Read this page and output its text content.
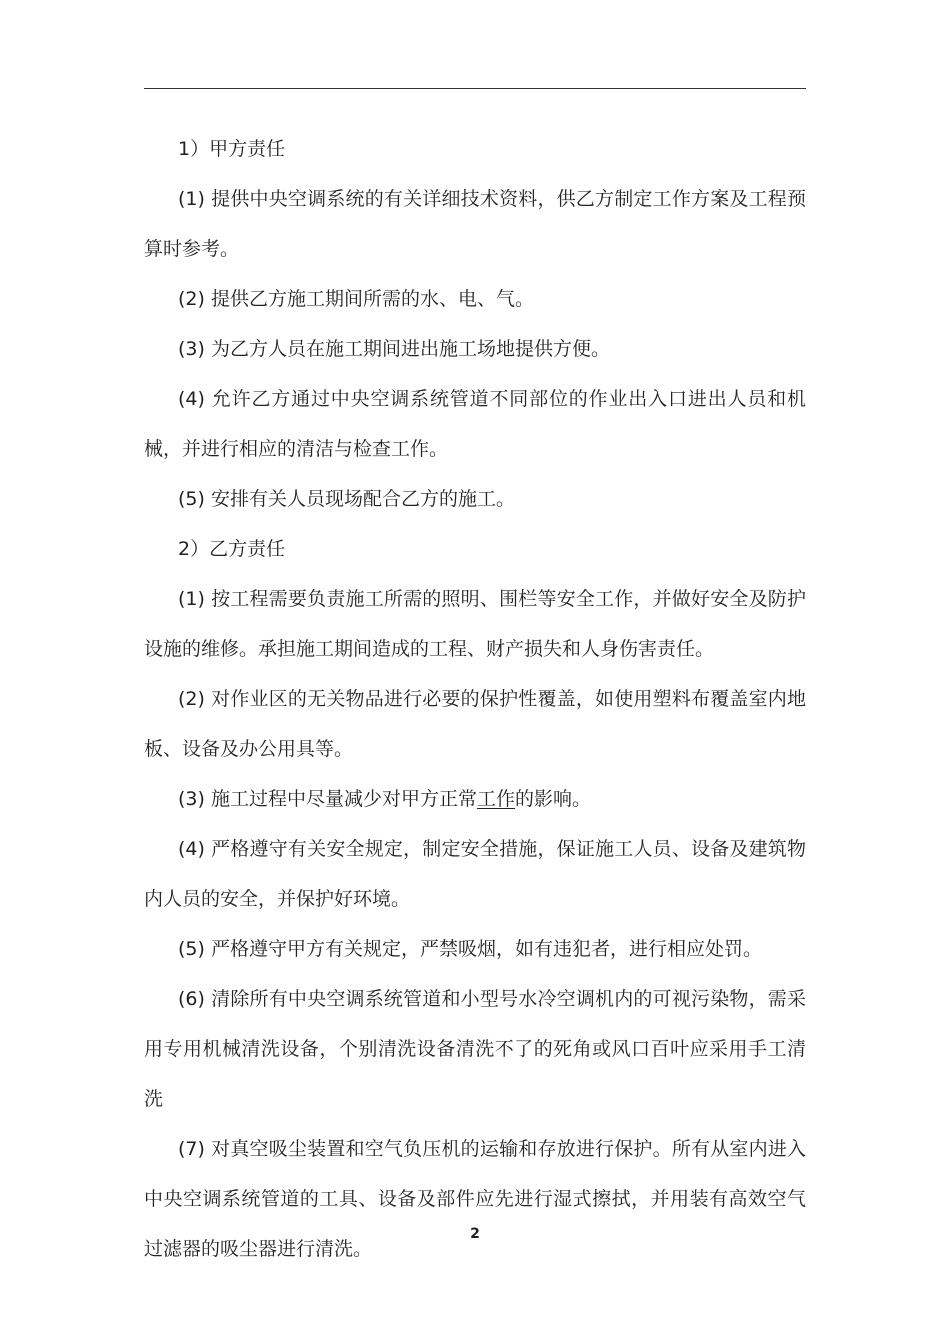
1）甲方责任

(1) 提供中央空调系统的有关详细技术资料，供乙方制定工作方案及工程预算时参考。

(2) 提供乙方施工期间所需的水、电、气。

(3) 为乙方人员在施工期间进出施工场地提供方便。

(4) 允许乙方通过中央空调系统管道不同部位的作业出入口进出人员和机械，并进行相应的清洁与检查工作。

(5) 安排有关人员现场配合乙方的施工。

2）乙方责任

(1) 按工程需要负责施工所需的照明、围栏等安全工作，并做好安全及防护设施的维修。承担施工期间造成的工程、财产损失和人身伤害责任。

(2) 对作业区的无关物品进行必要的保护性覆盖，如使用塑料布覆盖室内地板、设备及办公用具等。

(3) 施工过程中尽量减少对甲方正常工作的影响。

(4) 严格遵守有关安全规定，制定安全措施，保证施工人员、设备及建筑物内人员的安全，并保护好环境。

(5) 严格遵守甲方有关规定，严禁吸烟，如有违犯者，进行相应处罚。

(6) 清除所有中央空调系统管道和小型号水冷空调机内的可视污染物，需采用专用机械清洗设备，个别清洗设备清洗不了的死角或风口百叶应采用手工清洗

(7) 对真空吸尘装置和空气负压机的运输和存放进行保护。所有从室内进入中央空调系统管道的工具、设备及部件应先进行湿式擦拭，并用装有高效空气过滤器的吸尘器进行清洗。

2
